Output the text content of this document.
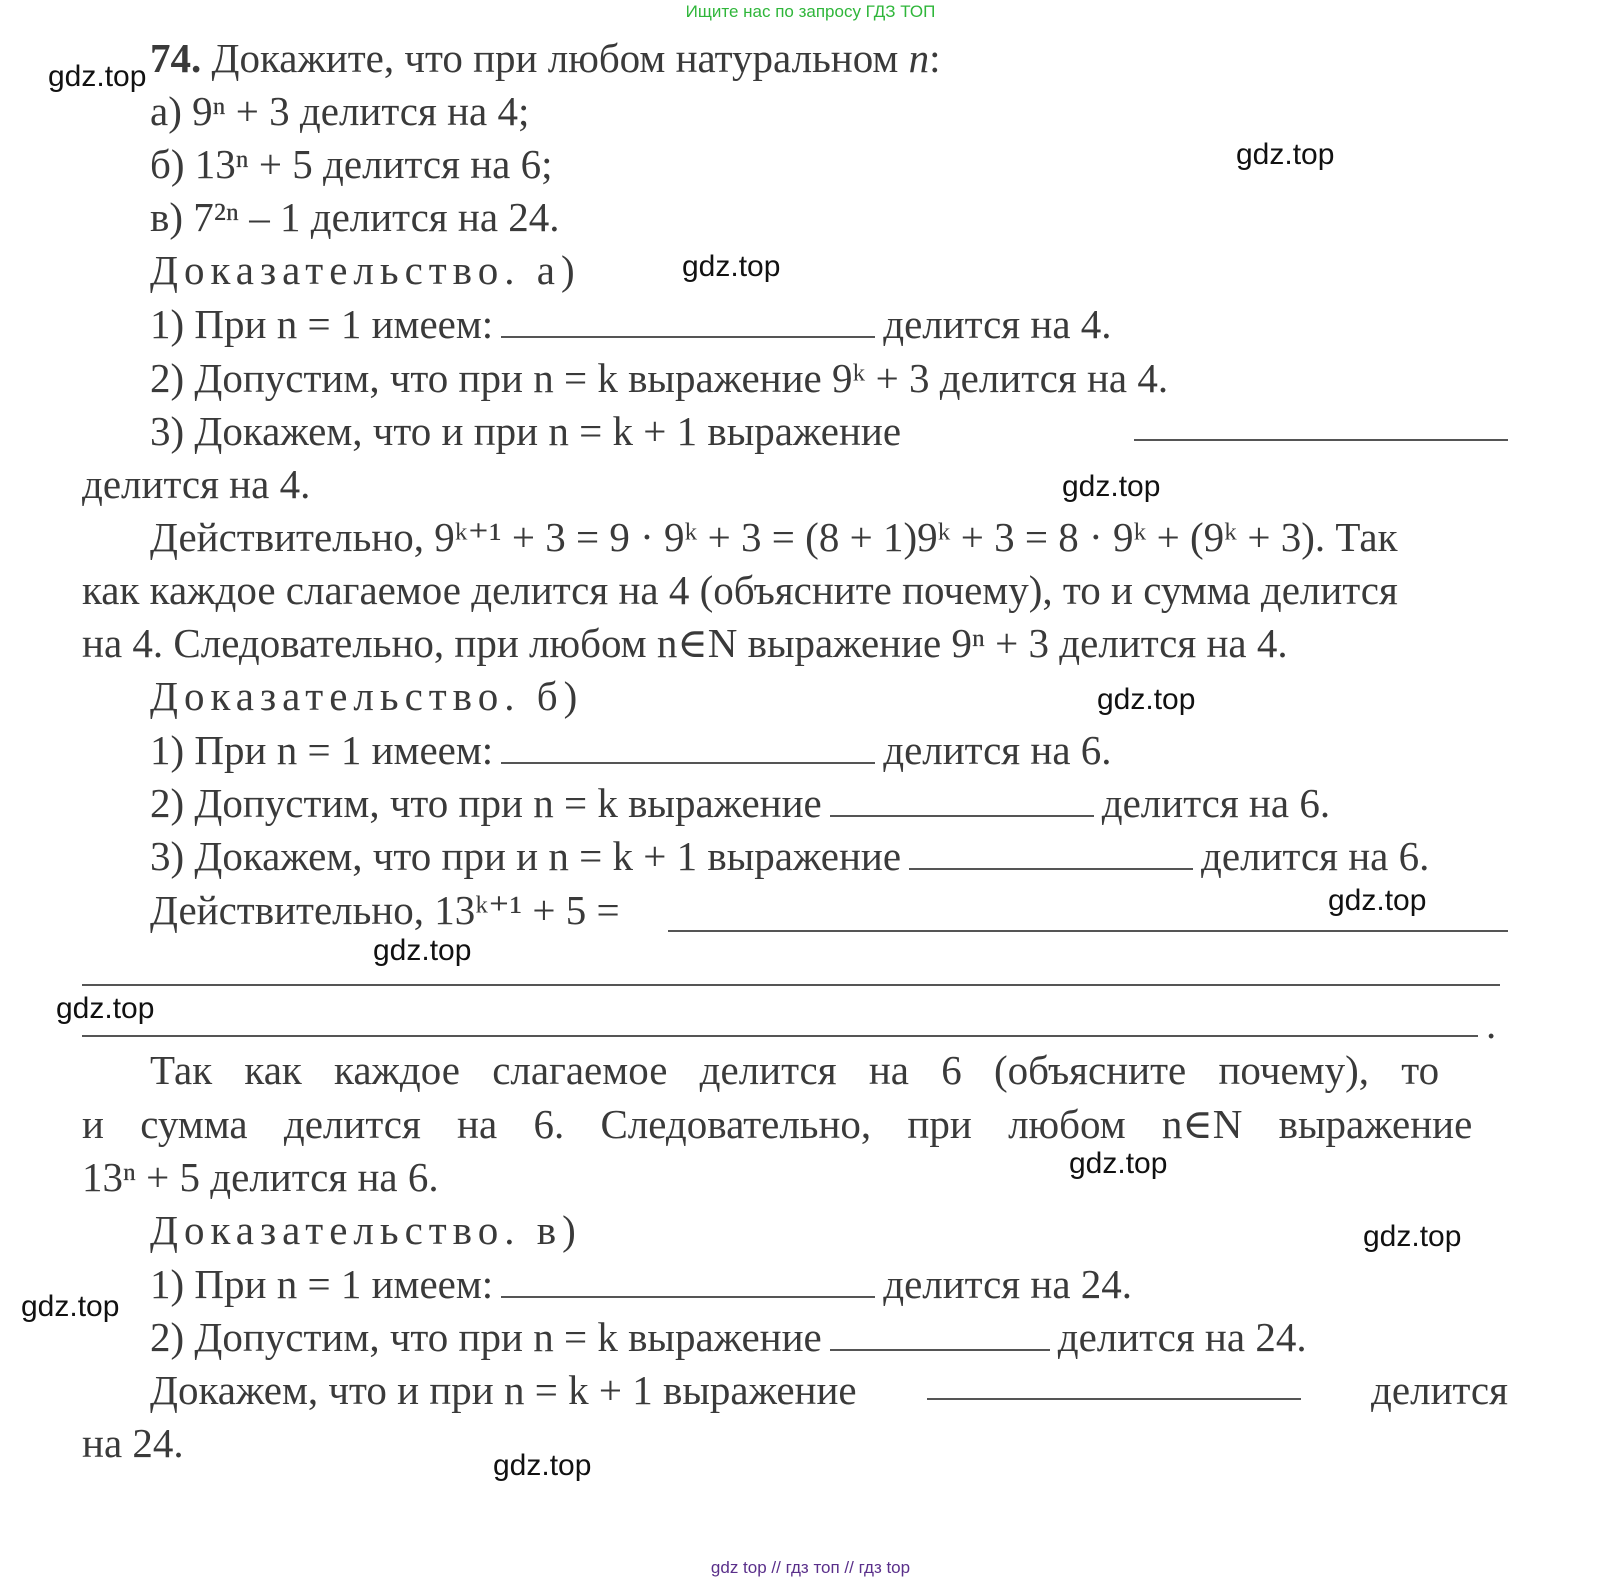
Ищите нас по запросу ГДЗ ТОП
74. Докажите, что при любом натуральном n:
а) 9ⁿ + 3 делится на 4;
б) 13ⁿ + 5 делится на 6;
в) 7²ⁿ – 1 делится на 24.
Доказательство. а)
1) При n = 1 имеем:	делится на 4.
2) Допустим, что при n = k выражение 9ᵏ + 3 делится на 4.
3) Докажем, что и при n = k + 1 выражение
делится на 4.
Действительно, 9ᵏ⁺¹ + 3 = 9 · 9ᵏ + 3 = (8 + 1)9ᵏ + 3 = 8 · 9ᵏ + (9ᵏ + 3). Так
как каждое слагаемое делится на 4 (объясните почему), то и сумма делится
на 4. Следовательно, при любом n∈N выражение 9ⁿ + 3 делится на 4.
Доказательство. б)
1) При n = 1 имеем:	делится на 6.
2) Допустим, что при n = k выражение	делится на 6.
3) Докажем, что при и n = k + 1 выражение	делится на 6.
Действительно, 13ᵏ⁺¹ + 5 =
.
Так как каждое слагаемое делится на 6 (объясните почему), то
и сумма делится на 6. Следовательно, при любом n∈N выражение
13ⁿ + 5 делится на 6.
Доказательство. в)
1) При n = 1 имеем:	делится на 24.
2) Допустим, что при n = k выражение	делится на 24.
Докажем, что и при n = k + 1 выражение	делится
на 24.
gdz.top
gdz.top
gdz.top
gdz.top
gdz.top
gdz.top
gdz.top
gdz.top
gdz.top
gdz.top
gdz.top
gdz.top
gdz top // гдз топ // гдз top
